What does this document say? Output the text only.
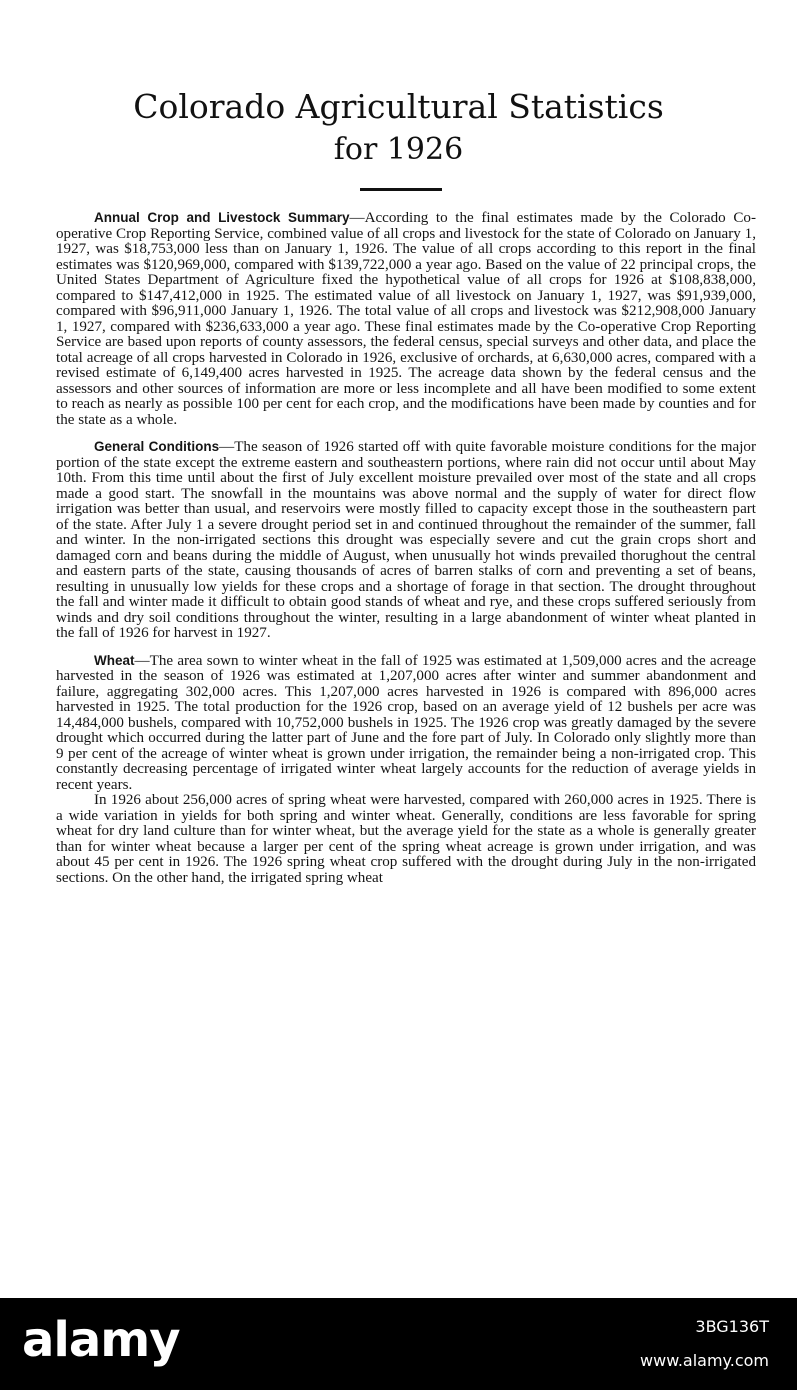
Colorado Agricultural Statistics
for 1926

Annual Crop and Livestock Summary—According to the final estimates made by the Colorado Co-operative Crop Reporting Service, combined value of all crops and livestock for the state of Colorado on January 1, 1927, was $18,753,000 less than on January 1, 1926. The value of all crops according to this report in the final estimates was $120,969,000, compared with $139,722,000 a year ago. Based on the value of 22 principal crops, the United States Department of Agriculture fixed the hypothetical value of all crops for 1926 at $108,838,000, compared to $147,412,000 in 1925. The estimated value of all livestock on January 1, 1927, was $91,939,000, compared with $96,911,000 January 1, 1926. The total value of all crops and livestock was $212,908,000 January 1, 1927, compared with $236,633,000 a year ago. These final estimates made by the Co-operative Crop Reporting Service are based upon reports of county assessors, the federal census, special surveys and other data, and place the total acreage of all crops harvested in Colorado in 1926, exclusive of orchards, at 6,630,000 acres, compared with a revised estimate of 6,149,400 acres harvested in 1925. The acreage data shown by the federal census and the assessors and other sources of information are more or less incomplete and all have been modified to some extent to reach as nearly as possible 100 per cent for each crop, and the modifications have been made by counties and for the state as a whole.

General Conditions—The season of 1926 started off with quite favorable moisture conditions for the major portion of the state except the extreme eastern and southeastern portions, where rain did not occur until about May 10th. From this time until about the first of July excellent moisture prevailed over most of the state and all crops made a good start. The snowfall in the mountains was above normal and the supply of water for direct flow irrigation was better than usual, and reservoirs were mostly filled to capacity except those in the southeastern part of the state. After July 1 a severe drought period set in and continued throughout the remainder of the summer, fall and winter. In the non-irrigated sections this drought was especially severe and cut the grain crops short and damaged corn and beans during the middle of August, when unusually hot winds prevailed thorughout the central and eastern parts of the state, causing thousands of acres of barren stalks of corn and preventing a set of beans, resulting in unusually low yields for these crops and a shortage of forage in that section. The drought throughout the fall and winter made it difficult to obtain good stands of wheat and rye, and these crops suffered seriously from winds and dry soil conditions throughout the winter, resulting in a large abandonment of winter wheat planted in the fall of 1926 for harvest in 1927.

Wheat—The area sown to winter wheat in the fall of 1925 was estimated at 1,509,000 acres and the acreage harvested in the season of 1926 was estimated at 1,207,000 acres after winter and summer abandonment and failure, aggregating 302,000 acres. This 1,207,000 acres harvested in 1926 is compared with 896,000 acres harvested in 1925. The total production for the 1926 crop, based on an average yield of 12 bushels per acre was 14,484,000 bushels, compared with 10,752,000 bushels in 1925. The 1926 crop was greatly damaged by the severe drought which occurred during the latter part of June and the fore part of July. In Colorado only slightly more than 9 per cent of the acreage of winter wheat is grown under irrigation, the remainder being a non-irrigated crop. This constantly decreasing percentage of irrigated winter wheat largely accounts for the reduction of average yields in recent years.

In 1926 about 256,000 acres of spring wheat were harvested, compared with 260,000 acres in 1925. There is a wide variation in yields for both spring and winter wheat. Generally, conditions are less favorable for spring wheat for dry land culture than for winter wheat, but the average yield for the state as a whole is generally greater than for winter wheat because a larger per cent of the spring wheat acreage is grown under irrigation, and was about 45 per cent in 1926. The 1926 spring wheat crop suffered with the drought during July in the non-irrigated sections. On the other hand, the irrigated spring wheat

alamy	3BG136T
www.alamy.com
